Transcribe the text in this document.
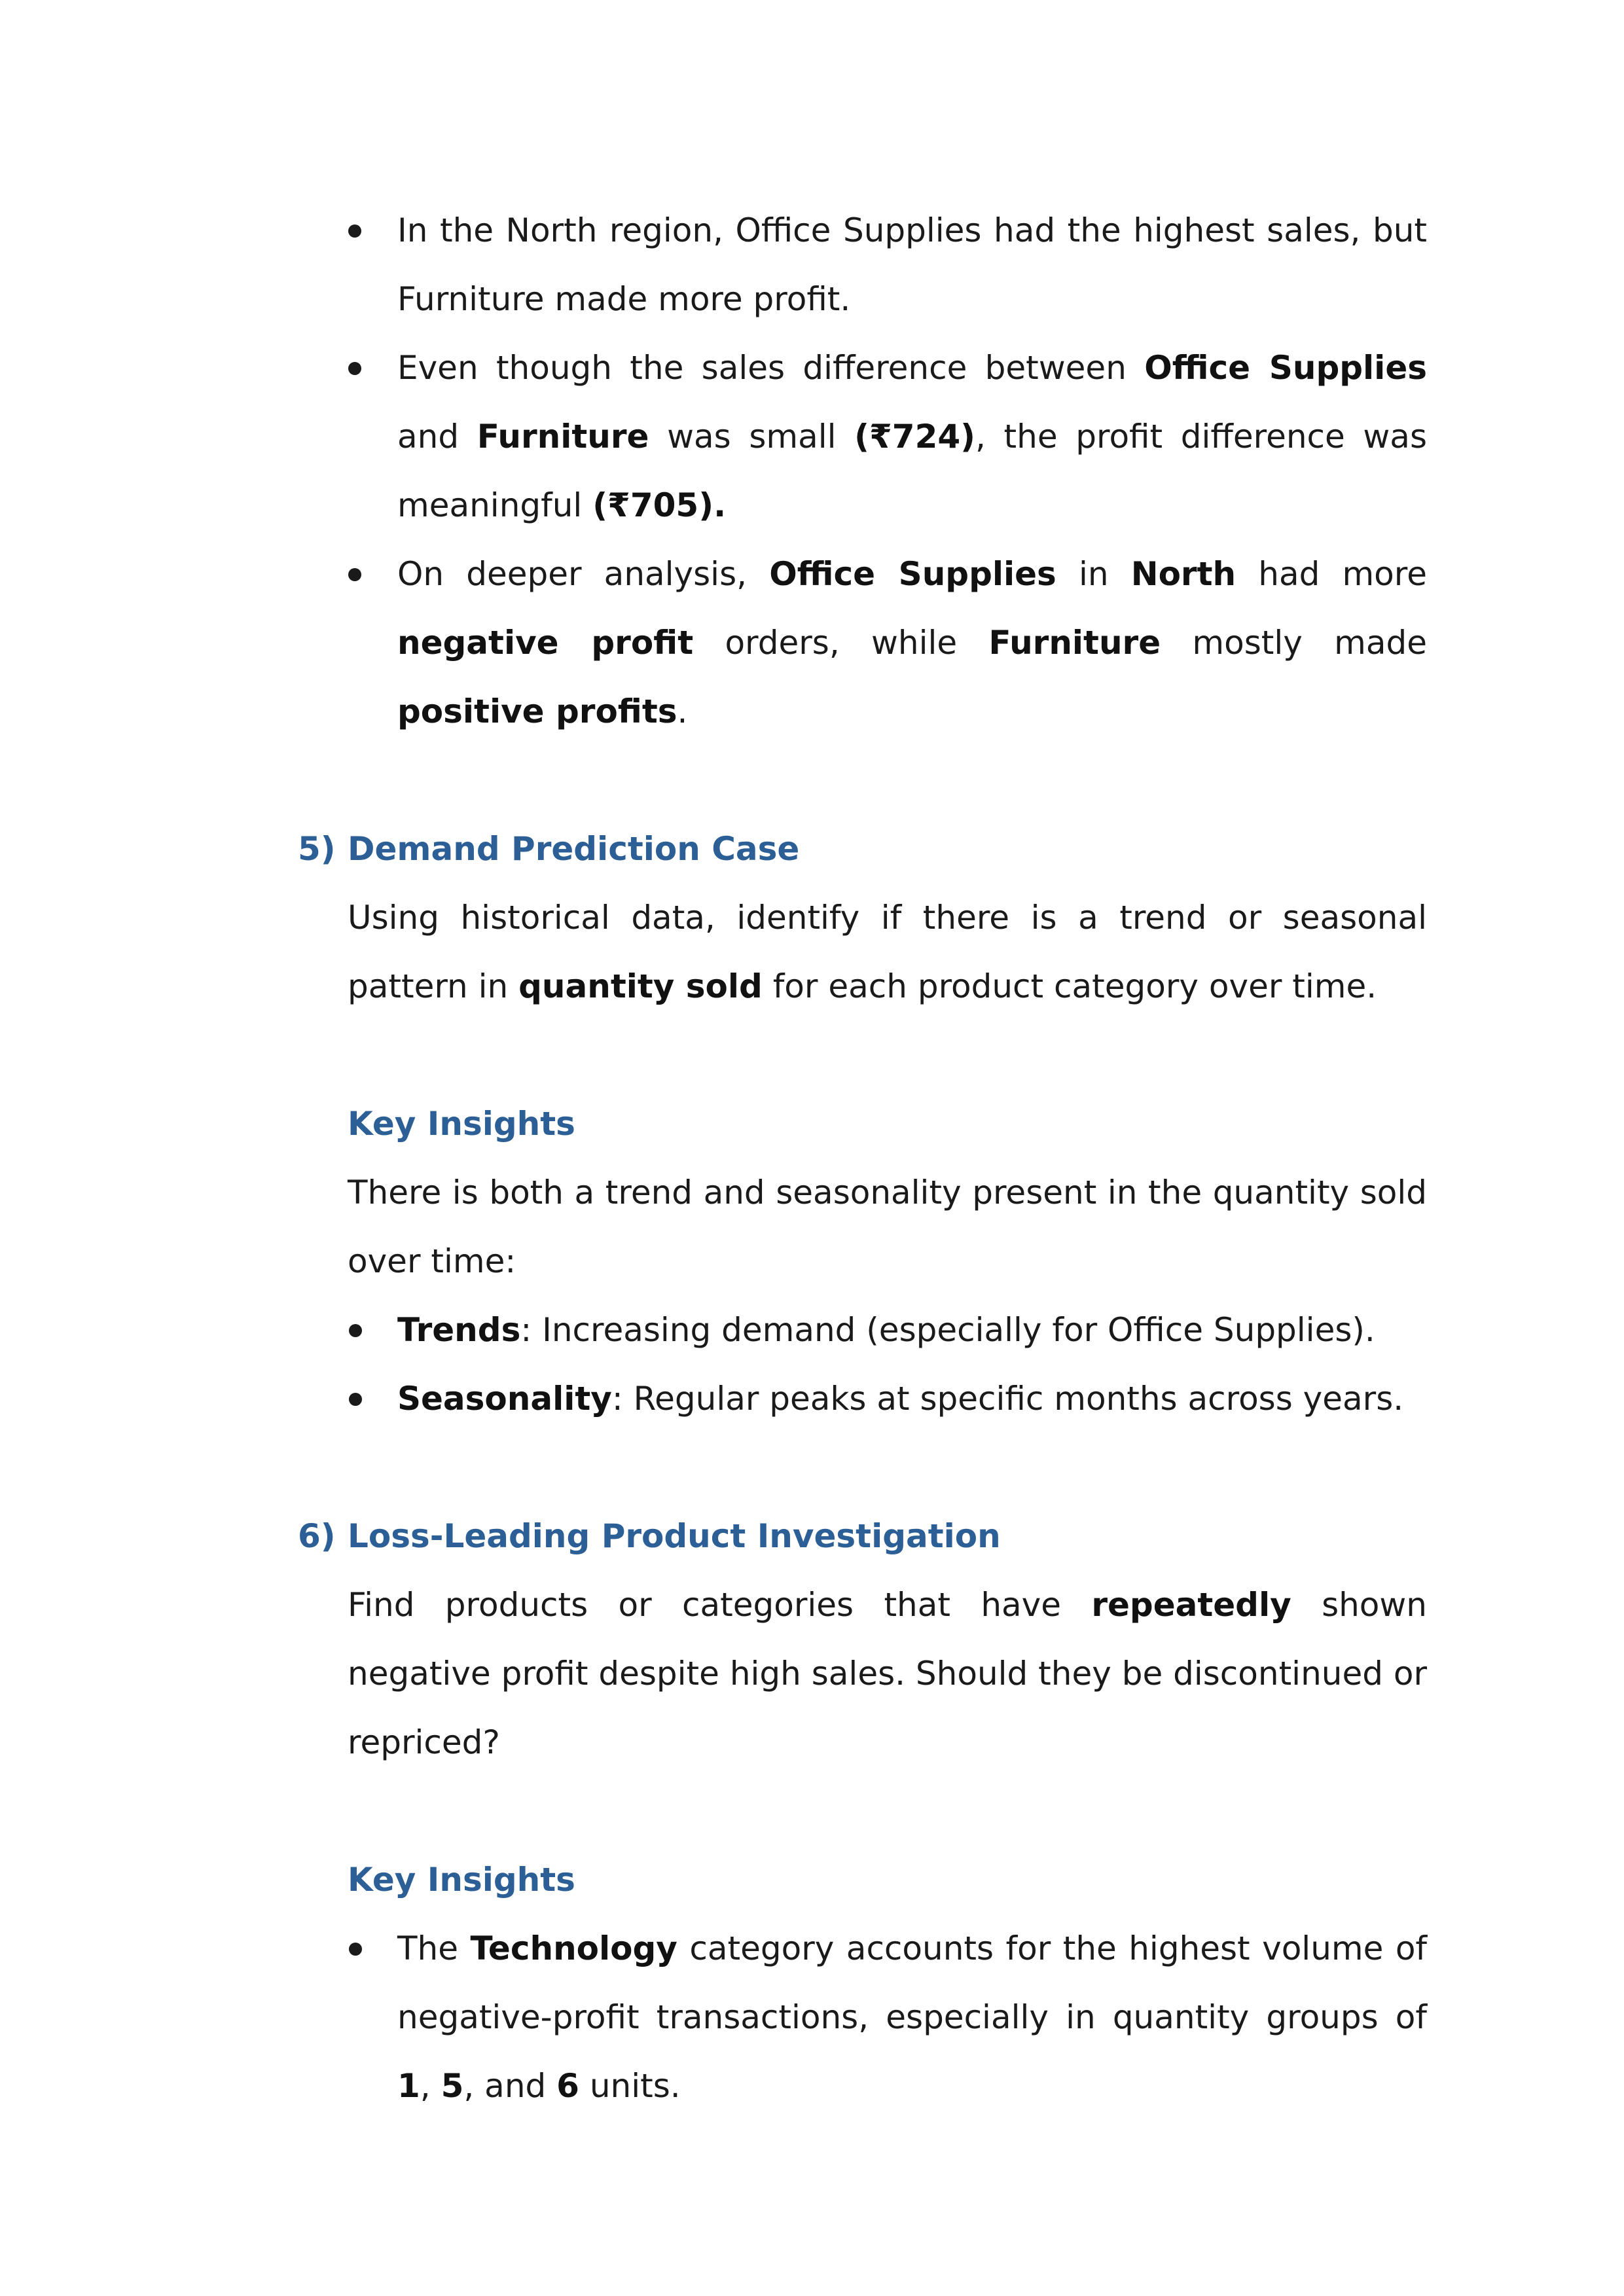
In the North region, Office Supplies had the highest sales, but Furniture made more profit.
Even though the sales difference between Office Supplies and Furniture was small (₹724), the profit difference was meaningful (₹705).
On deeper analysis, Office Supplies in North had more negative profit orders, while Furniture mostly made positive profits.
5) Demand Prediction Case

Using historical data, identify if there is a trend or seasonal pattern in quantity sold for each product category over time.

Key Insights

There is both a trend and seasonality present in the quantity sold over time:

Trends: Increasing demand (especially for Office Supplies).
Seasonality: Regular peaks at specific months across years.
6) Loss-Leading Product Investigation

Find products or categories that have repeatedly shown negative profit despite high sales. Should they be discontinued or repriced?

Key Insights
The Technology category accounts for the highest volume of negative-profit transactions, especially in quantity groups of 1, 5, and 6 units.
